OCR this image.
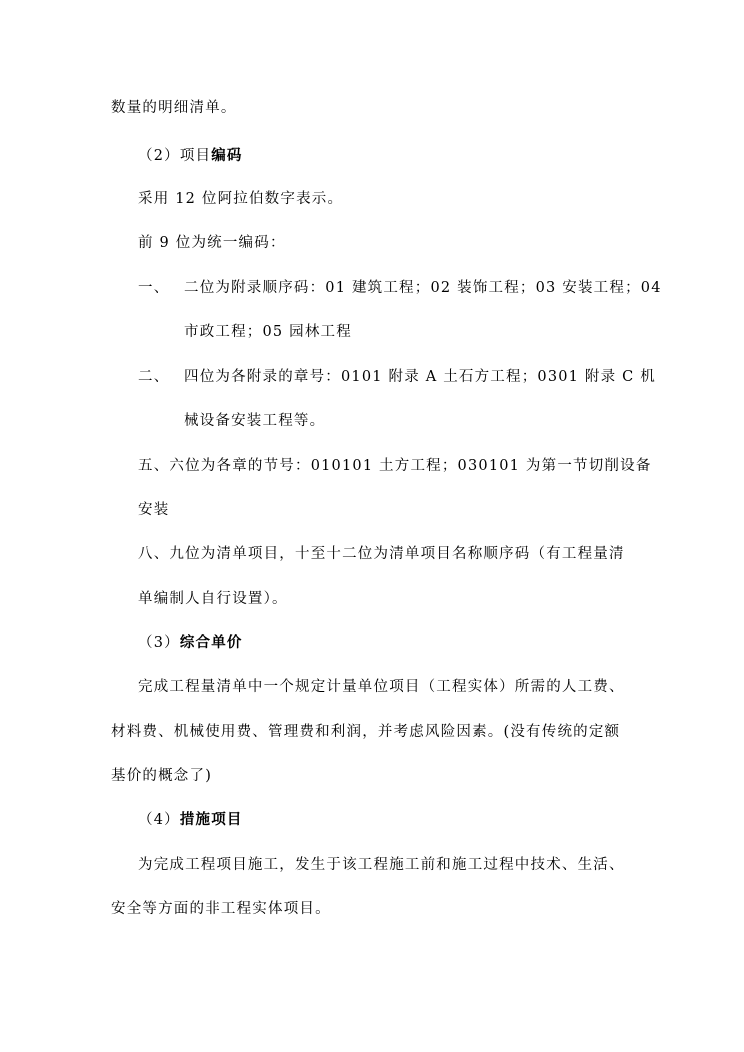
数量的明细清单。

（2）项目编码

采用 12 位阿拉伯数字表示。

前 9 位为统一编码：

一、 二位为附录顺序码：01 建筑工程；02 装饰工程；03 安装工程；04

市政工程；05 园林工程

二、 四位为各附录的章号：0101 附录 A 土石方工程；0301 附录 C 机

械设备安装工程等。

五、六位为各章的节号：010101 土方工程；030101 为第一节切削设备

安装

八、九位为清单项目，十至十二位为清单项目名称顺序码（有工程量清

单编制人自行设置）。

（3）综合单价

完成工程量清单中一个规定计量单位项目（工程实体）所需的人工费、

材料费、机械使用费、管理费和利润，并考虑风险因素。(没有传统的定额

基价的概念了)

（4）措施项目

为完成工程项目施工，发生于该工程施工前和施工过程中技术、生活、

安全等方面的非工程实体项目。
